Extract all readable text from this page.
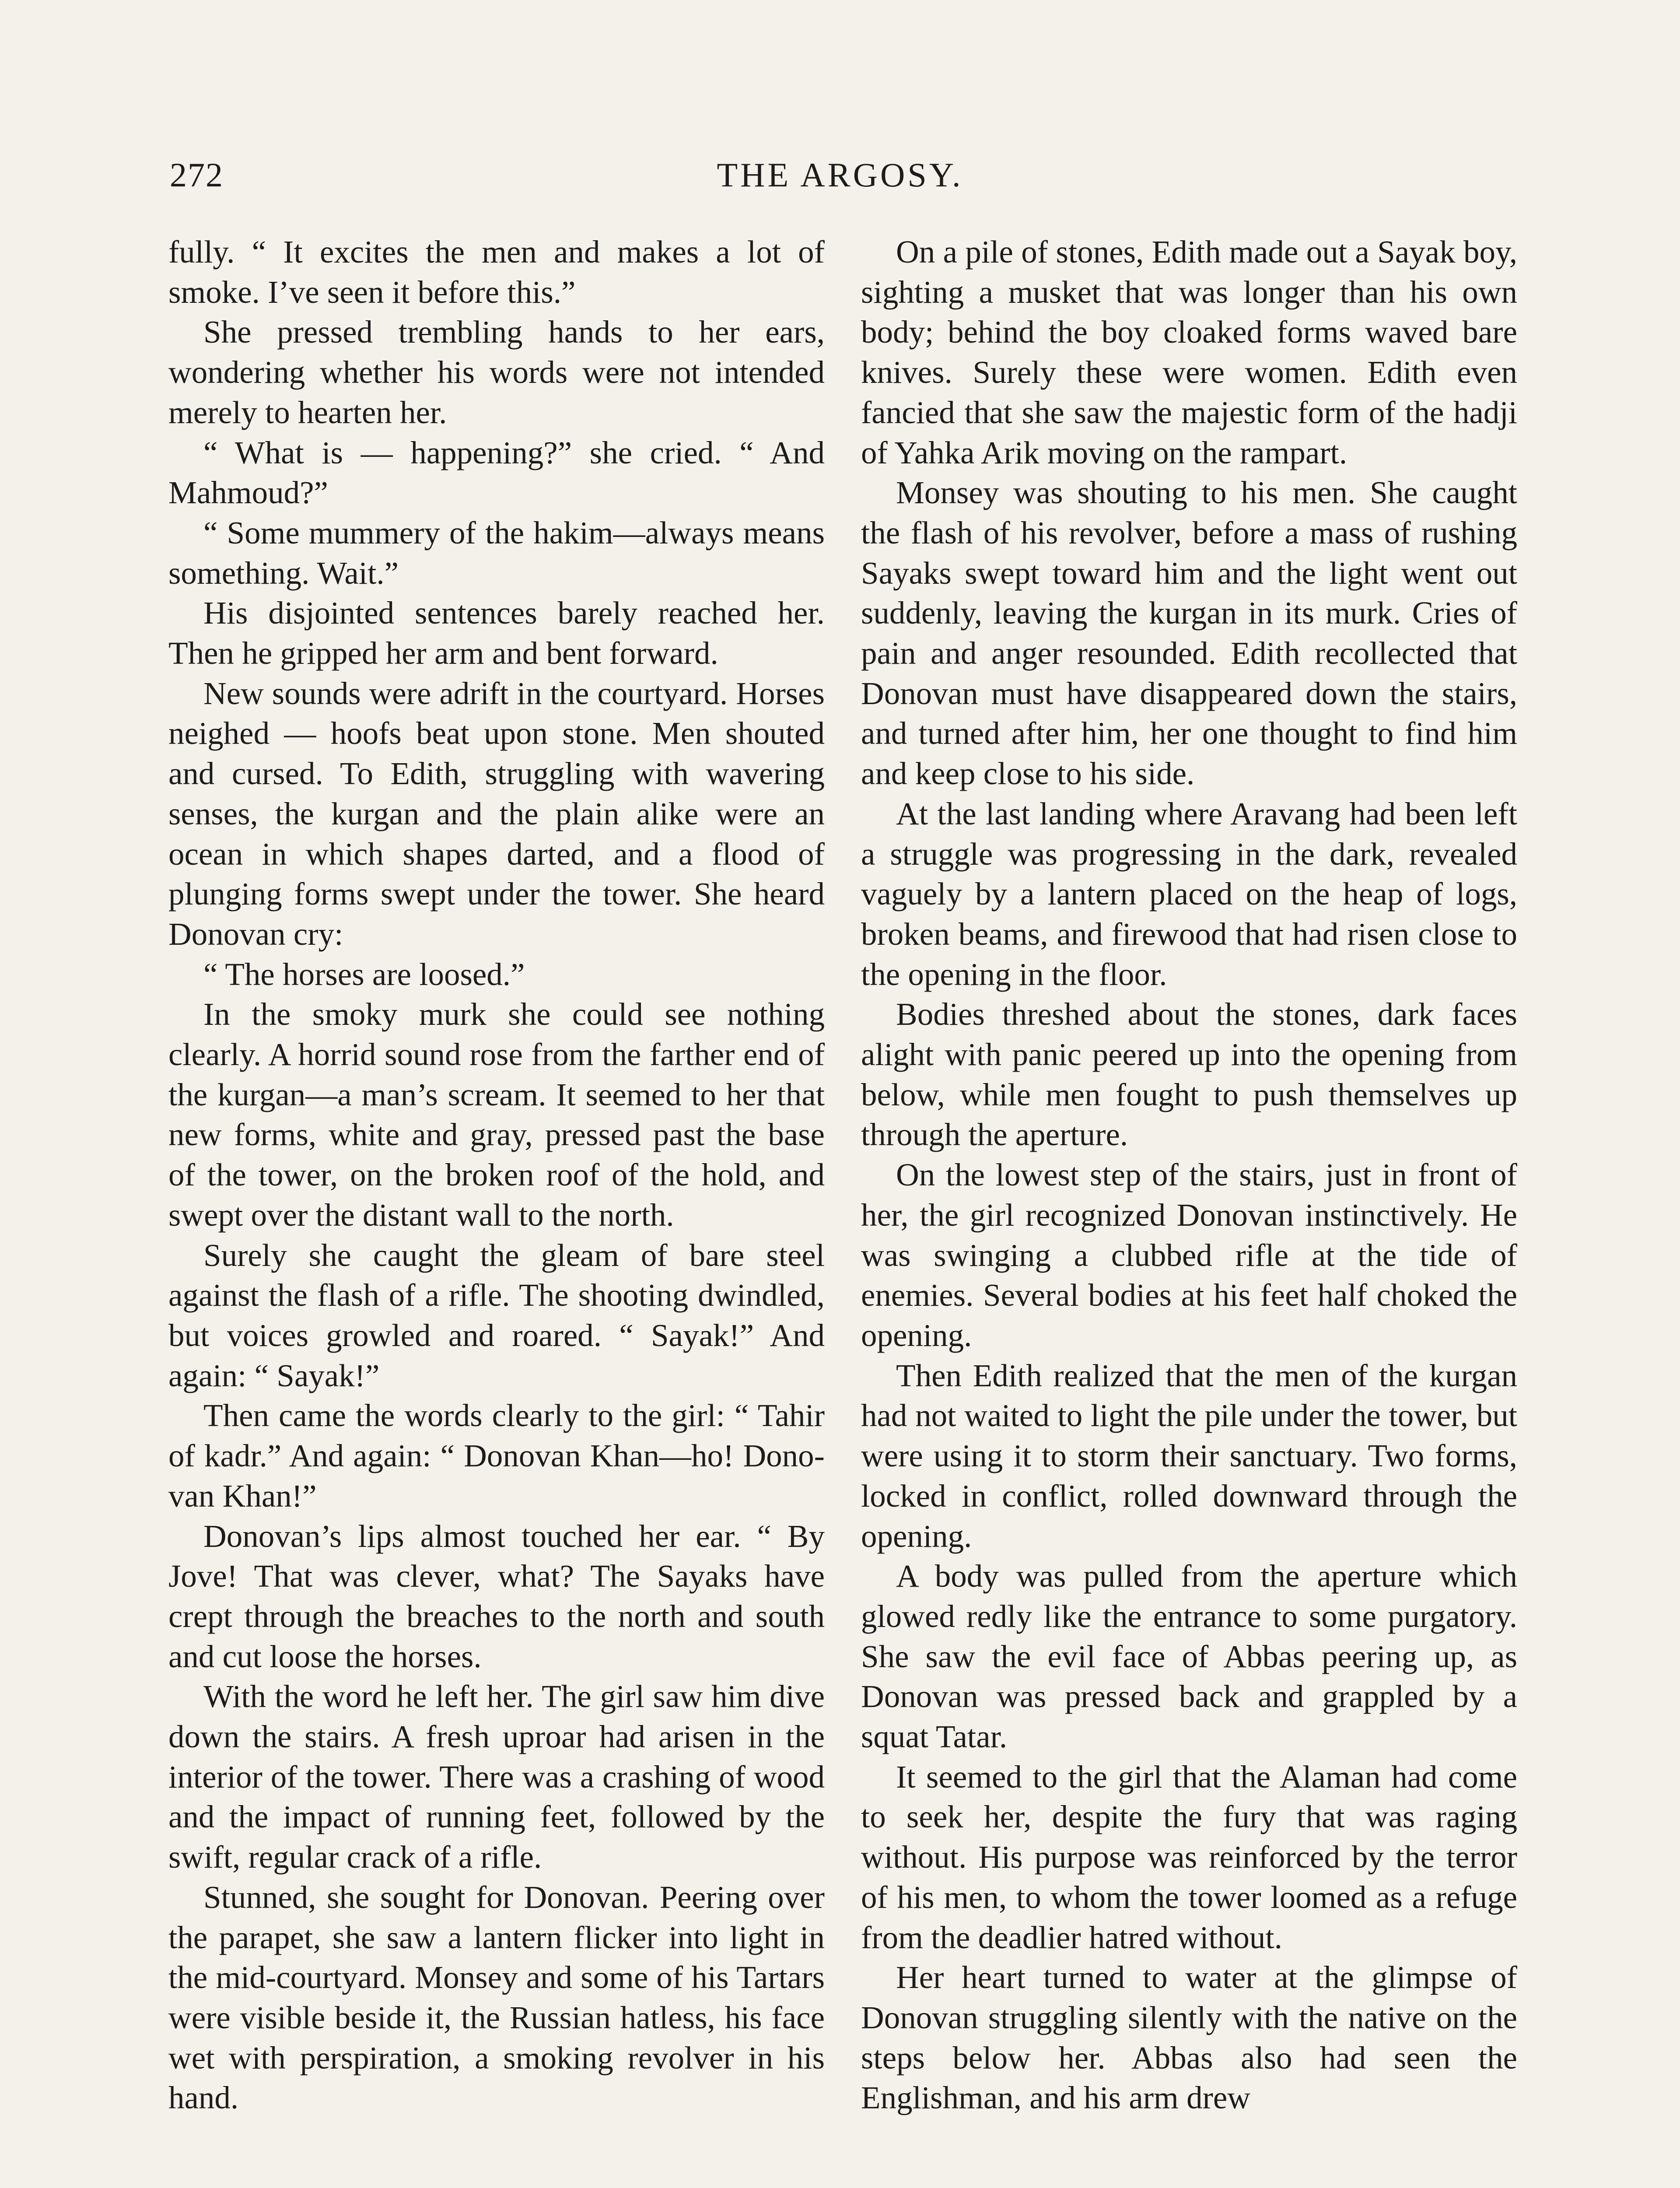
272	THE ARGOSY.

fully. “ It excites the men and makes a lot of smoke. I’ve seen it before this.”

She pressed trembling hands to her ears, wondering whether his words were not intended merely to hearten her.

“ What is — happening?” she cried. “ And Mahmoud?”

“ Some mummery of the hakim—always means something. Wait.”

His disjointed sentences barely reached her. Then he gripped her arm and bent forward.

New sounds were adrift in the courtyard. Horses neighed — hoofs beat upon stone. Men shouted and cursed. To Edith, struggling with wavering senses, the kurgan and the plain alike were an ocean in which shapes darted, and a flood of plunging forms swept under the tower. She heard Donovan cry:

“ The horses are loosed.”

In the smoky murk she could see nothing clearly. A horrid sound rose from the farther end of the kurgan—a man’s scream. It seemed to her that new forms, white and gray, pressed past the base of the tower, on the broken roof of the hold, and swept over the distant wall to the north.

Surely she caught the gleam of bare steel against the flash of a rifle. The shooting dwindled, but voices growled and roared. “ Sayak!” And again: “ Sayak!”

Then came the words clearly to the girl: “ Tahir of kadr.” And again: “ Donovan Khan—ho! Dono-van Khan!”

Donovan’s lips almost touched her ear. “ By Jove! That was clever, what? The Sayaks have crept through the breaches to the north and south and cut loose the horses.

With the word he left her. The girl saw him dive down the stairs. A fresh uproar had arisen in the interior of the tower. There was a crashing of wood and the impact of running feet, followed by the swift, regular crack of a rifle.

Stunned, she sought for Donovan. Peering over the parapet, she saw a lantern flicker into light in the mid-courtyard. Monsey and some of his Tartars were visible beside it, the Russian hatless, his face wet with perspiration, a smoking revolver in his hand.

On a pile of stones, Edith made out a Sayak boy, sighting a musket that was longer than his own body; behind the boy cloaked forms waved bare knives. Surely these were women. Edith even fancied that she saw the majestic form of the hadji of Yahka Arik moving on the rampart.

Monsey was shouting to his men. She caught the flash of his revolver, before a mass of rushing Sayaks swept toward him and the light went out suddenly, leaving the kurgan in its murk. Cries of pain and anger resounded. Edith recollected that Donovan must have disappeared down the stairs, and turned after him, her one thought to find him and keep close to his side.

At the last landing where Aravang had been left a struggle was progressing in the dark, revealed vaguely by a lantern placed on the heap of logs, broken beams, and firewood that had risen close to the opening in the floor.

Bodies threshed about the stones, dark faces alight with panic peered up into the opening from below, while men fought to push themselves up through the aperture.

On the lowest step of the stairs, just in front of her, the girl recognized Donovan instinctively. He was swinging a clubbed rifle at the tide of enemies. Several bodies at his feet half choked the opening.

Then Edith realized that the men of the kurgan had not waited to light the pile under the tower, but were using it to storm their sanctuary. Two forms, locked in conflict, rolled downward through the opening.

A body was pulled from the aperture which glowed redly like the entrance to some purgatory. She saw the evil face of Abbas peering up, as Donovan was pressed back and grappled by a squat Tatar.

It seemed to the girl that the Alaman had come to seek her, despite the fury that was raging without. His purpose was reinforced by the terror of his men, to whom the tower loomed as a refuge from the deadlier hatred without.

Her heart turned to water at the glimpse of Donovan struggling silently with the native on the steps below her. Abbas also had seen the Englishman, and his arm drew
